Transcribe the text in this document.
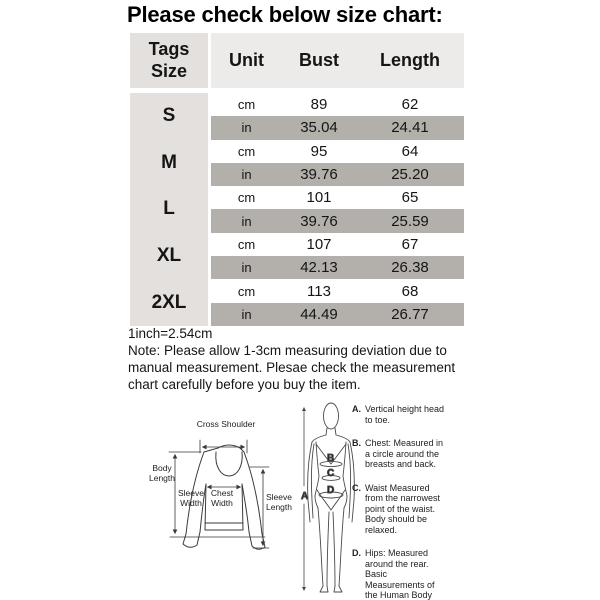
Please check below size chart:
Tags Size
Unit	Bust	Length
S
cm	89	62
in	35.04	24.41
M
cm	95	64
in	39.76	25.20
L
cm	101	65
in	39.76	25.59
XL
cm	107	67
in	42.13	26.38
2XL
cm	113	68
in	44.49	26.77
1inch=2.54cm
Note: Please allow 1-3cm measuring deviation due to
manual measurement. Plesae check the measurement
chart carefully before you buy the item.
Cross Shoulder
Body Length
Sleeve Width
Chest Width
Sleeve Length
A
B
C
D
A. Vertical height head to toe.
B. Chest: Measured in a circle around the breasts and back.
C. Waist Measured from the narrowest point of the waist. Body should be relaxed.
D. Hips: Measured around the rear. Basic Measurements of the Human Body
